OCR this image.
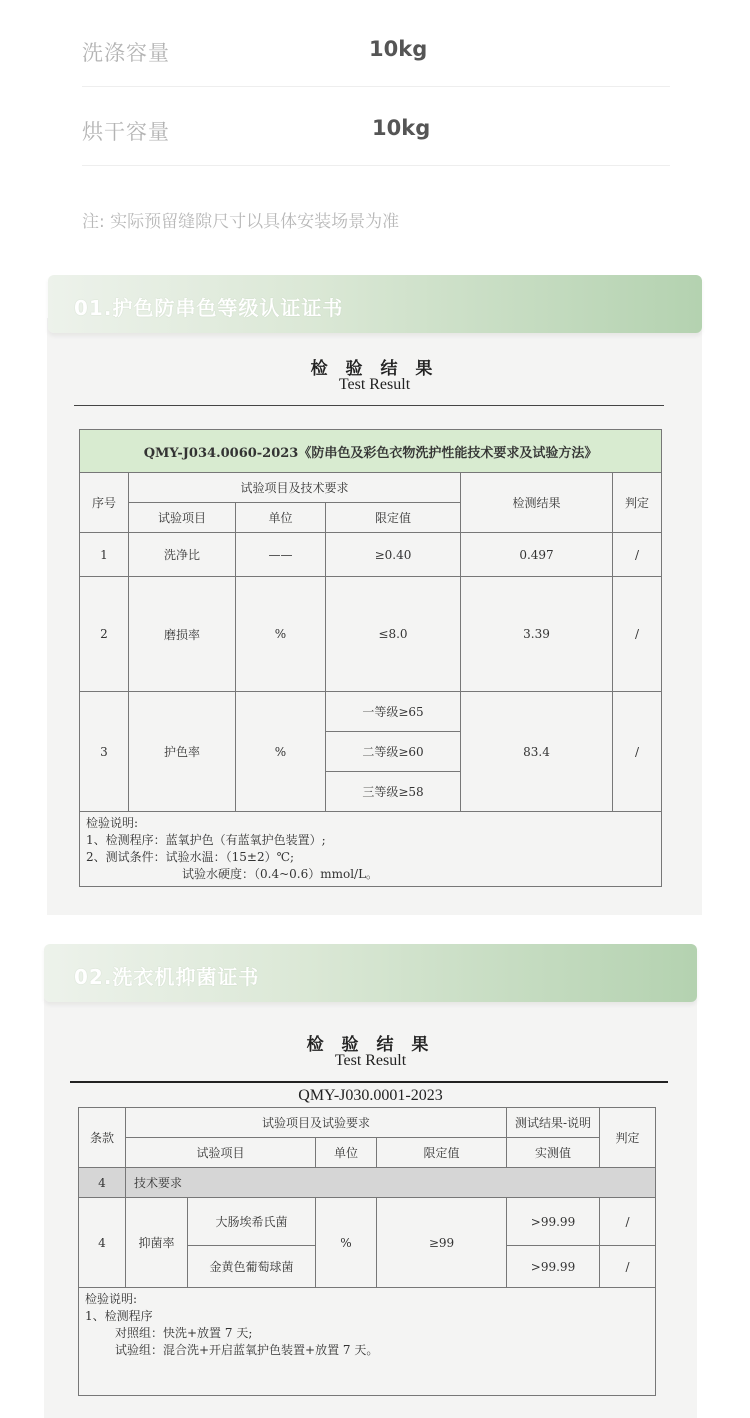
洗涤容量	10kg
烘干容量	10kg
注: 实际预留缝隙尺寸以具体安装场景为准
检 验 结 果
Test Result
QMY-J034.0060-2023《防串色及彩色衣物洗护性能技术要求及试验方法》					
序号	试验项目及技术要求			检测结果	判定
	试验项目	单位	限定值		
1	洗净比	——	≥0.40	0.497	/
2	磨损率	%	≤8.0	3.39	/
3	护色率	%	一等级≥65	83.4	/
			二等级≥60		
			三等级≥58		

检验说明:
1、检测程序：蓝氧护色（有蓝氧护色装置）;
2、测试条件：试验水温：（15±2）℃;
试验水硬度：（0.4~0.6）mmol/L。					
01.护色防串色等级认证证书
检 验 结 果
Test Result
QMY-J030.0001-2023
条款	试验项目及试验要求				测试结果-说明	判定
	试验项目		单位	限定值	实测值	
4	技术要求					
4	抑菌率	大肠埃希氏菌	%	≥99	>99.99	/
		金黄色葡萄球菌			>99.99	/

检验说明:
1、检测程序
对照组：快洗+放置 7 天;
试验组：混合洗+开启蓝氧护色装置+放置 7 天。						
02.洗衣机抑菌证书
